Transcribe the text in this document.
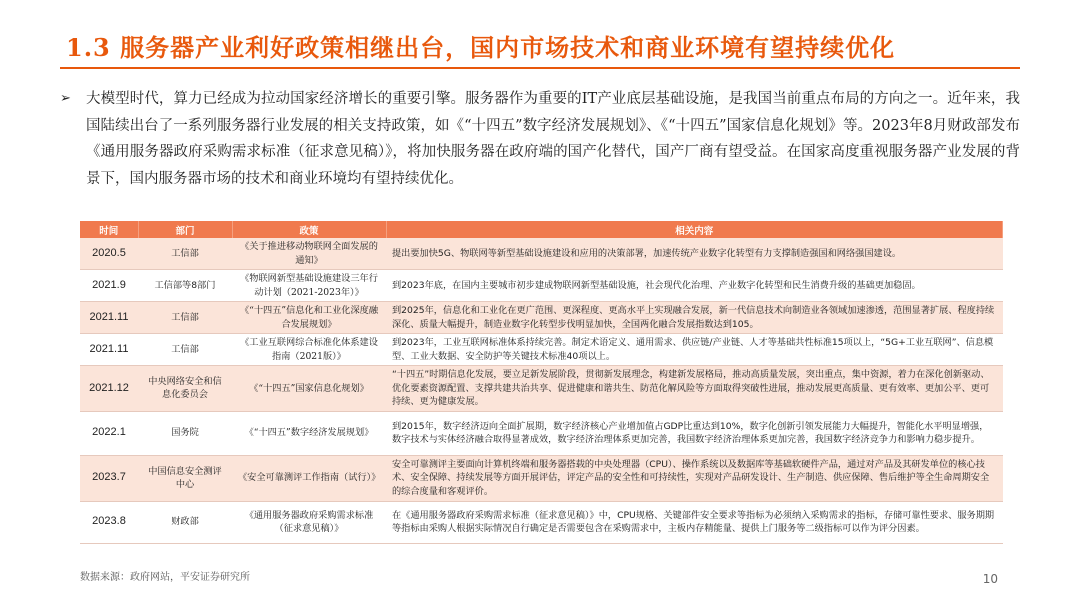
1.3 服务器产业利好政策相继出台，国内市场技术和商业环境有望持续优化
➢	大模型时代，算力已经成为拉动国家经济增长的重要引擎。服务器作为重要的IT产业底层基础设施，是我国当前重点布局的方向之一。近年来，我国陆续出台了一系列服务器行业发展的相关支持政策，如《“十四五”数字经济发展规划》、《“十四五”国家信息化规划》等。2023年8月财政部发布《通用服务器政府采购需求标准（征求意见稿）》，将加快服务器在政府端的国产化替代，国产厂商有望受益。在国家高度重视服务器产业发展的背景下，国内服务器市场的技术和商业环境均有望持续优化。

时间	部门	政策	相关内容
2020.5	工信部	《关于推进移动物联网全面发展的通知》	提出要加快5G、物联网等新型基础设施建设和应用的决策部署，加速传统产业数字化转型有力支撑制造强国和网络强国建设。
2021.9	工信部等8部门	《物联网新型基础设施建设三年行动计划（2021-2023年）》	到2023年底，在国内主要城市初步建成物联网新型基础设施，社会现代化治理、产业数字化转型和民生消费升级的基础更加稳固。
2021.11	工信部	《“十四五”信息化和工业化深度融合发展规划》	到2025年，信息化和工业化在更广范围、更深程度、更高水平上实现融合发展，新一代信息技术向制造业各领域加速渗透，范围显著扩展、程度持续深化、质量大幅提升，制造业数字化转型步伐明显加快，全国两化融合发展指数达到105。
2021.11	工信部	《工业互联网综合标准化体系建设指南（2021版）》	到2023年，工业互联网标准体系持续完善。制定术语定义、通用需求、供应链/产业链、人才等基础共性标准15项以上，“5G+工业互联网”、信息模型、工业大数据、安全防护等关键技术标准40项以上。
2021.12	中央网络安全和信息化委员会	《“十四五”国家信息化规划》	“十四五”时期信息化发展，要立足新发展阶段，贯彻新发展理念，构建新发展格局，推动高质量发展，突出重点，集中资源，着力在深化创新驱动、优化要素资源配置、支撑共建共治共享、促进健康和谐共生、防范化解风险等方面取得突破性进展，推动发展更高质量、更有效率、更加公平、更可持续、更为健康发展。
2022.1	国务院	《“十四五”数字经济发展规划》	到2015年，数字经济迈向全面扩展期，数字经济核心产业增加值占GDP比重达到10%，数字化创新引领发展能力大幅提升，智能化水平明显增强，数字技术与实体经济融合取得显著成效，数字经济治理体系更加完善，我国数字经济治理体系更加完善，我国数字经济竞争力和影响力稳步提升。
2023.7	中国信息安全测评中心	《安全可靠测评工作指南（试行）》	安全可靠测评主要面向计算机终端和服务器搭载的中央处理器（CPU）、操作系统以及数据库等基础软硬件产品，通过对产品及其研发单位的核心技术、安全保障、持续发展等方面开展评估，评定产品的安全性和可持续性，实现对产品研发设计、生产制造、供应保障、售后维护等全生命周期安全的综合度量和客观评价。
2023.8	财政部	《通用服务器政府采购需求标准（征求意见稿）》	在《通用服务器政府采购需求标准（征求意见稿）》中，CPU规格、关键部件安全要求等指标为必须纳入采购需求的指标，存储可靠性要求、服务期期等指标由采购人根据实际情况自行确定是否需要包含在采购需求中，主板内存精能量、提供上门服务等二级指标可以作为评分因素。
数据来源：政府网站，平安证券研究所	10
